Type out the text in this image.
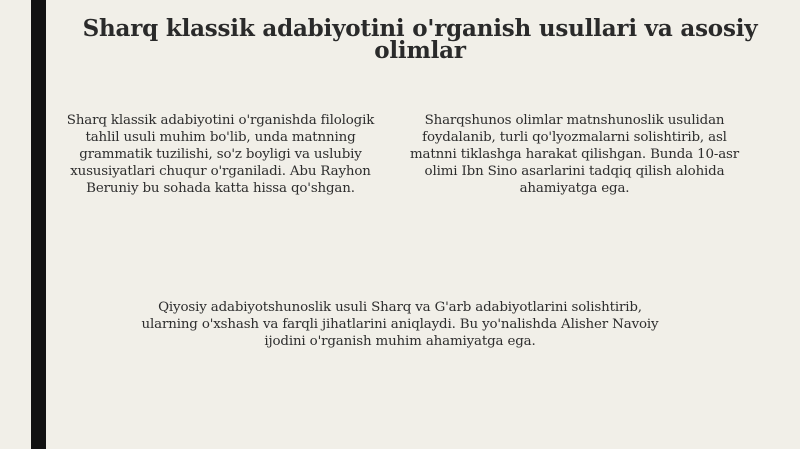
Sharq klassik adabiyotini o'rganish usullari va asosiy olimlar

Sharq klassik adabiyotini o'rganishda filologik tahlil usuli muhim bo'lib, unda matnning grammatik tuzilishi, so'z boyligi va uslubiy xususiyatlari chuqur o'rganiladi. Abu Rayhon Beruniy bu sohada katta hissa qo'shgan.

Sharqshunos olimlar matnshunoslik usulidan foydalanib, turli qo'lyozmalarni solishtirib, asl matnni tiklashga harakat qilishgan. Bunda 10-asr olimi Ibn Sino asarlarini tadqiq qilish alohida ahamiyatga ega.

Qiyosiy adabiyotshunoslik usuli Sharq va G'arb adabiyotlarini solishtirib, ularning o'xshash va farqli jihatlarini aniqlaydi. Bu yo'nalishda Alisher Navoiy ijodini o'rganish muhim ahamiyatga ega.
